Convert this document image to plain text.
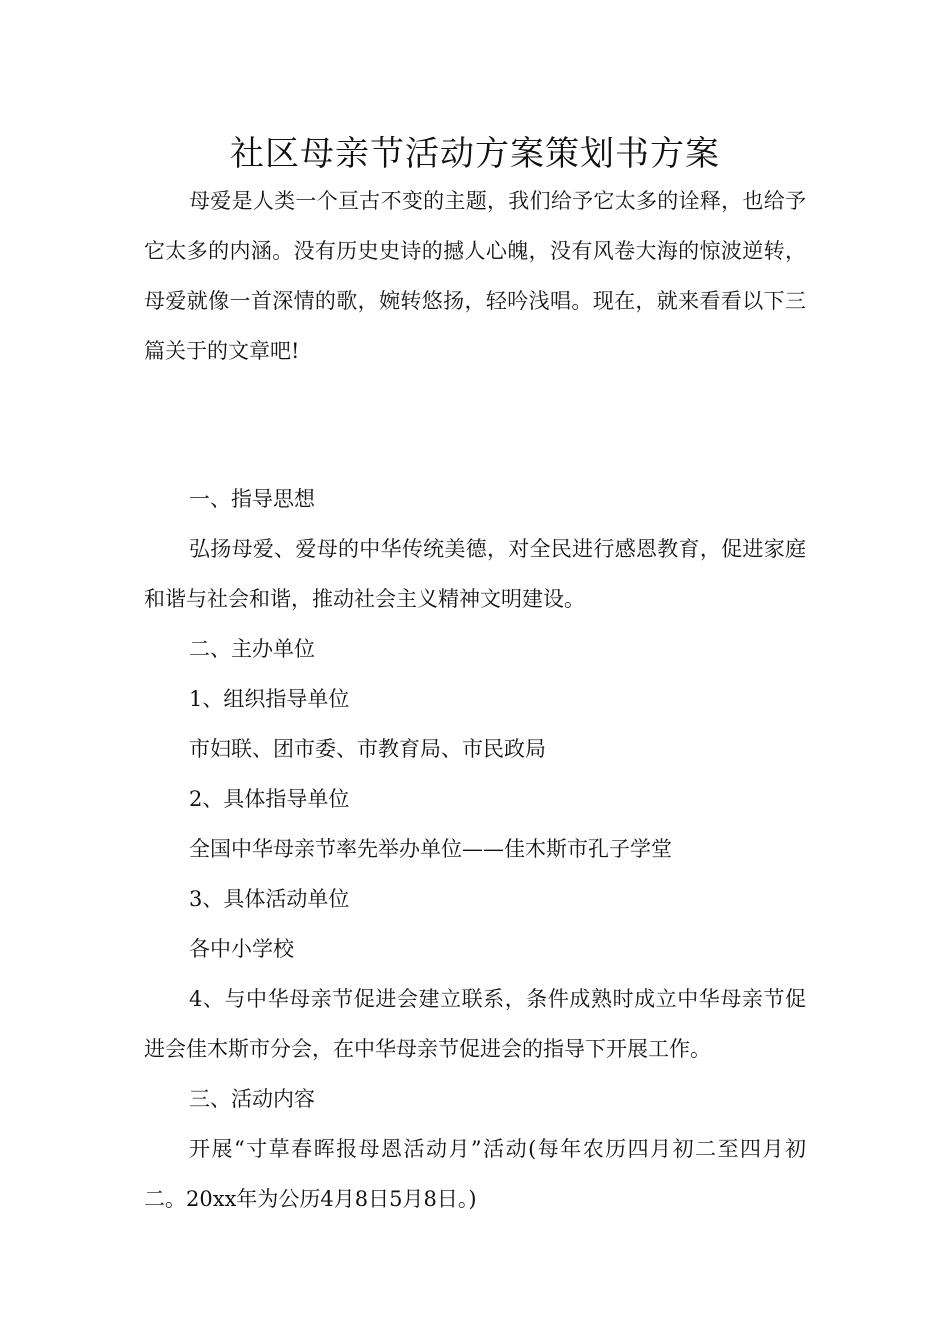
社区母亲节活动方案策划书方案

母爱是人类一个亘古不变的主题，我们给予它太多的诠释，也给予它太多的内涵。没有历史史诗的撼人心魄，没有风卷大海的惊波逆转，母爱就像一首深情的歌，婉转悠扬，轻吟浅唱。现在，就来看看以下三篇关于的文章吧!

一、指导思想

弘扬母爱、爱母的中华传统美德，对全民进行感恩教育，促进家庭和谐与社会和谐，推动社会主义精神文明建设。

二、主办单位

1、组织指导单位

市妇联、团市委、市教育局、市民政局

2、具体指导单位

全国中华母亲节率先举办单位——佳木斯市孔子学堂

3、具体活动单位

各中小学校

4、与中华母亲节促进会建立联系，条件成熟时成立中华母亲节促进会佳木斯市分会，在中华母亲节促进会的指导下开展工作。

三、活动内容

开展“寸草春晖报母恩活动月”活动(每年农历四月初二至四月初二。20xx年为公历4月8日5月8日。)
